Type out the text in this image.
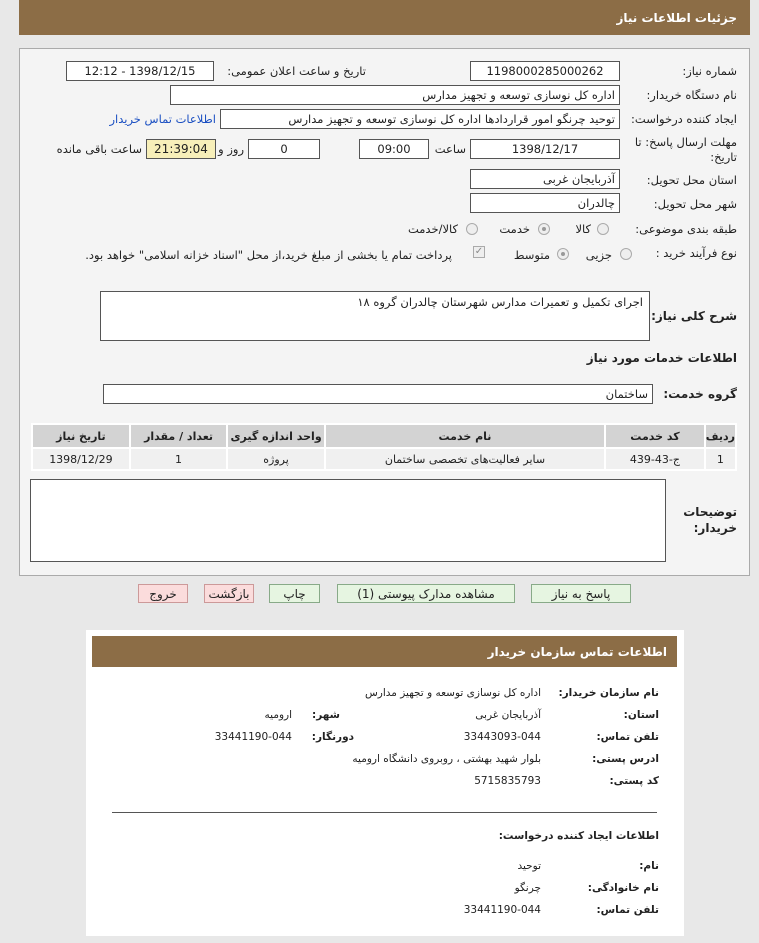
جزئیات اطلاعات نیاز
شماره نیاز:
1198000285000262
تاریخ و ساعت اعلان عمومی:
1398/12/15 - 12:12
نام دستگاه خریدار:
اداره کل نوسازی توسعه و تجهیز مدارس
ایجاد کننده درخواست:
توحید چرنگو امور قراردادها اداره کل نوسازی توسعه و تجهیز مدارس
اطلاعات تماس خریدار
مهلت ارسال پاسخ: تا تاریخ:
1398/12/17
ساعت
09:00
0
روز و
21:39:04
ساعت باقی مانده
استان محل تحویل:
آذربایجان غربی
شهر محل تحویل:
چالدران
طبقه بندی موضوعی:
کالا
خدمت
کالا/خدمت
نوع فرآیند خرید :
جزیی
متوسط
✓
پرداخت تمام یا بخشی از مبلغ خرید،از محل "اسناد خزانه اسلامی" خواهد بود.
شرح کلی نیاز:
اجرای تکمیل و تعمیرات مدارس شهرستان چالدران گروه ۱۸
اطلاعات خدمات مورد نیاز
گروه خدمت:
ساختمان
ردیف	کد خدمت	نام خدمت	واحد اندازه گیری	تعداد / مقدار	تاریخ نیاز
1	ج-43-439	سایر فعالیت‌های تخصصی ساختمان	پروژه	1	1398/12/29
توضیحات خریدار:
پاسخ به نیاز
مشاهده مدارک پیوستی (1)
چاپ
بازگشت
خروج
اطلاعات تماس سازمان خریدار
نام سازمان خریدار:
اداره کل نوسازی توسعه و تجهیز مدارس
استان:
آذربایجان غربی
شهر:
ارومیه
تلفن تماس:
33443093-044
دورنگار:
33441190-044
ادرس پستی:
بلوار شهید بهشتی ، روبروی دانشگاه ارومیه
کد پستی:
5715835793
اطلاعات ایجاد کننده درخواست:
نام:
توحید
نام خانوادگی:
چرنگو
تلفن تماس:
33441190-044
